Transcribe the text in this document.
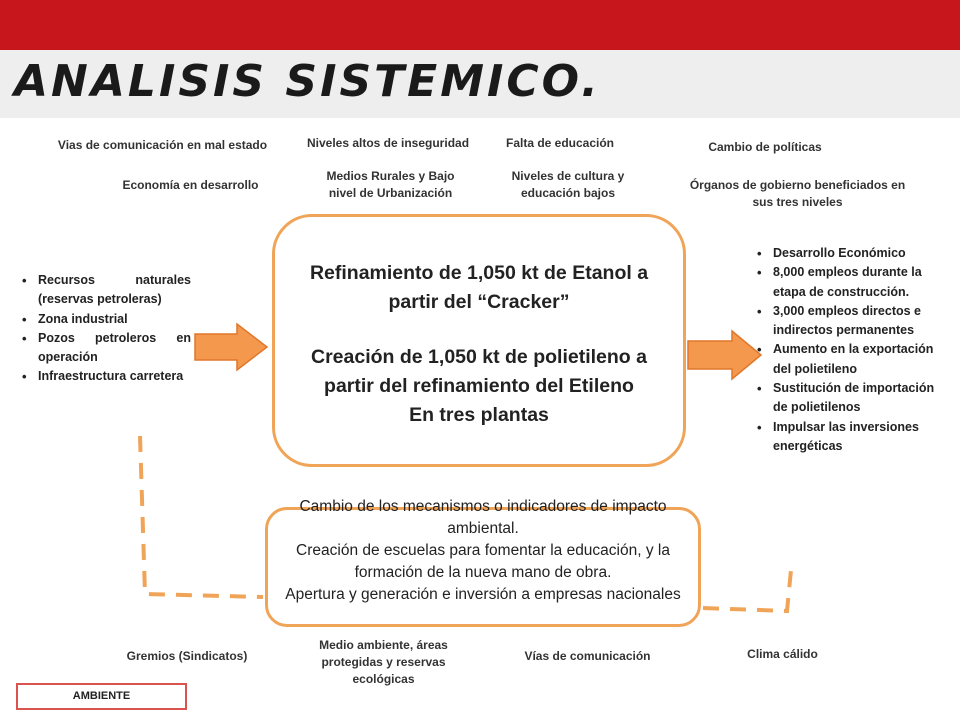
ANALISIS SISTEMICO.
Vias de comunicación en mal estado	Niveles altos de inseguridad	Falta de educación	Cambio de políticas
Economía en desarrollo
Medios Rurales y Bajo nivel de Urbanización
Niveles de cultura y educación bajos
Órganos de gobierno beneficiados en sus tres niveles
• Recursos naturales (reservas petroleras)
• Zona industrial
• Pozos petroleros en operación
• Infraestructura carretera
Refinamiento de 1,050 kt de Etanol a
partir del “Cracker”
Creación de 1,050 kt de polietileno a
partir del refinamiento del Etileno
En tres plantas
• Desarrollo Económico
• 8,000 empleos durante la etapa de construcción.
• 3,000 empleos directos e indirectos permanentes
• Aumento en la exportación del polietileno
• Sustitución de importación de polietilenos
• Impulsar las inversiones energéticas
Cambio de los mecanismos o indicadores de impacto ambiental.
Creación de escuelas para fomentar la educación, y la formación de la nueva mano de obra.
Apertura y generación e inversión a empresas nacionales
Gremios (Sindicatos)
Medio ambiente, áreas protegidas y reservas ecológicas
Vías de comunicación	Clima cálido
AMBIENTE
